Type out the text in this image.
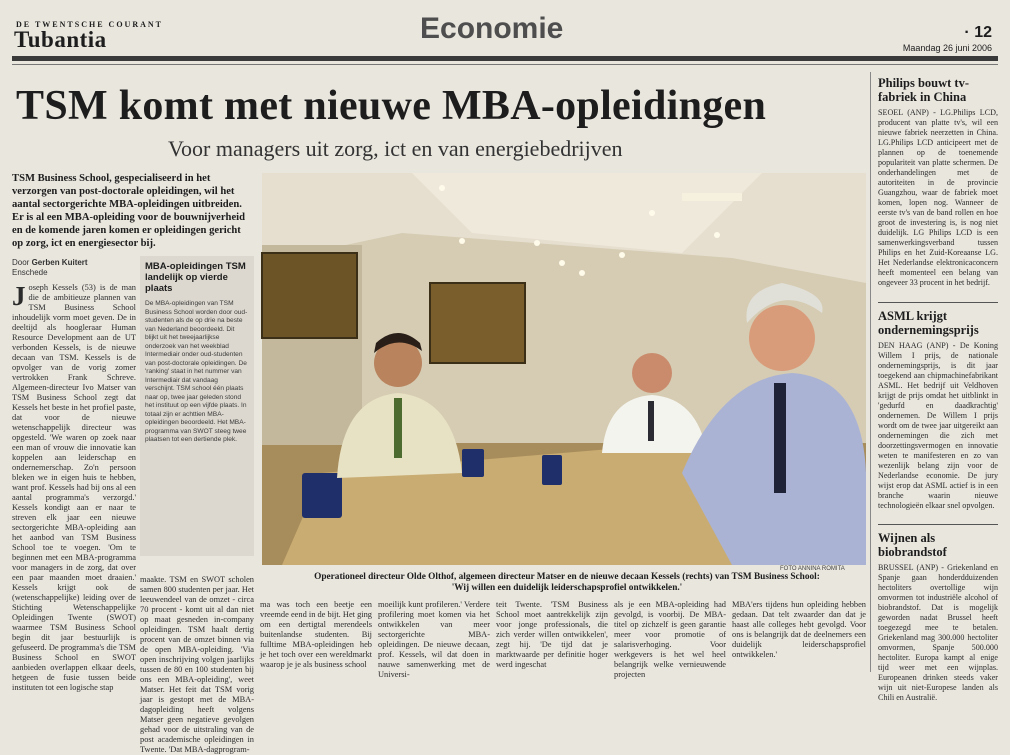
DE TWENTSCHE COURANT
Tubantia	Economie	· 12
Maandag 26 juni 2006
TSM komt met nieuwe MBA-opleidingen
Voor managers uit zorg, ict en van energiebedrijven

TSM Business School, gespecialiseerd in het verzorgen van post-doctorale opleidingen, wil het aantal sectorgerichte MBA-opleidingen uitbreiden. Er is al een MBA-opleiding voor de bouwnijverheid en de komende jaren komen er opleidingen gericht op zorg, ict en energiesector bij.

Door Gerben Kuitert
Enschede
Joseph Kessels (53) is de man die de ambitieuze plannen van TSM Business School inhoudelijk vorm moet geven. De in deeltijd als hoogleraar Human Resource Development aan de UT verbonden Kessels, is de nieuwe decaan van TSM. Kessels is de opvolger van de vorig zomer vertrokken Frank Schreve. Algemeen-directeur Ivo Matser van TSM Business School zegt dat Kessels het beste in het profiel paste, dat voor de nieuwe wetenschappelijk directeur was opgesteld. 'We waren op zoek naar een man of vrouw die innovatie kan koppelen aan leiderschap en ondernemerschap. Zo'n persoon bleken we in eigen huis te hebben, want prof. Kessels had bij ons al een aantal programma's verzorgd.' Kessels kondigt aan er naar te streven elk jaar een nieuwe sectorgerichte MBA-opleiding aan het aanbod van TSM Business School toe te voegen. 'Om te beginnen met een MBA-programma voor managers in de zorg, dat over een paar maanden moet draaien.' Kessels krijgt ook de (wetenschappelijke) leiding over de Stichting Wetenschappelijke Opleidingen Twente (SWOT) waarmee TSM Business School begin dit jaar bestuurlijk is gefuseerd. De programma's die TSM Business School en SWOT aanbieden overlappen elkaar deels, hetgeen de fusie tussen beide instituten tot een logische stap
MBA-opleidingen TSM landelijk op vierde plaats
De MBA-opleidingen van TSM Business School worden door oud-studenten als de op drie na beste van Nederland beoordeeld. Dit blijkt uit het tweejaarlijkse onderzoek van het weekblad Intermediair onder oud-studenten van post-doctorale opleidingen. De 'ranking' staat in het nummer van Intermediair dat vandaag verschijnt. TSM school één plaats naar op, twee jaar geleden stond het instituut op een vijfde plaats. In totaal zijn er achttien MBA-opleidingen beoordeeld. Het MBA-programma van SWOT steeg twee plaatsen tot een dertiende plek.
FOTO ANNINA ROMITA
Operationeel directeur Olde Olthof, algemeen directeur Matser en de nieuwe decaan Kessels (rechts) van TSM Business School:
'Wij willen een duidelijk leiderschapsprofiel ontwikkelen.'
maakte. TSM en SWOT scholen samen 800 studenten per jaar. Het leeuwendeel van de omzet - circa 70 procent - komt uit al dan niet op maat gesneden in-company opleidingen. TSM haalt dertig procent van de omzet binnen via de open MBA-opleiding. 'Via open inschrijving volgen jaarlijks tussen de 80 en 100 studenten bij ons een MBA-opleiding', weet Matser. Het feit dat TSM vorig jaar is gestopt met de MBA-dagopleiding heeft volgens Matser geen negatieve gevolgen gehad voor de uitstraling van de post academische opleidingen in Twente. 'Dat MBA-dagprogram-
ma was toch een beetje een vreemde eend in de bijt. Het ging om een dertigtal merendeels buitenlandse studenten. Bij fulltime MBA-opleidingen heb je het toch over een wereldmarkt waarop je je als business school
moeilijk kunt profileren.' Verdere profilering moet komen via het ontwikkelen van meer sectorgerichte MBA-opleidingen. De nieuwe decaan, prof. Kessels, wil dat doen in nauwe samenwerking met de Universi-
teit Twente. 'TSM Business School moet aantrekkelijk zijn voor jonge professionals, die zich verder willen ontwikkelen', zegt hij. 'De tijd dat je marktwaarde per definitie hoger werd ingeschat
als je een MBA-opleiding had gevolgd, is voorbij. De MBA-titel op zichzelf is geen garantie meer voor promotie of salarisverhoging. Voor werkgevers is het wel heel belangrijk welke vernieuwende projecten
MBA'ers tijdens hun opleiding hebben gedaan. Dat telt zwaarder dan dat je haast alle colleges hebt gevolgd. Voor ons is belangrijk dat de deelnemers een duidelijk leiderschapsprofiel ontwikkelen.'
Philips bouwt tv-fabriek in China
SEOEL (ANP) - LG.Philips LCD, producent van platte tv's, wil een nieuwe fabriek neerzetten in China. LG.Philips LCD anticipeert met de plannen op de toenemende populariteit van platte schermen. De onderhandelingen met de autoriteiten in de provincie Guangzhou, waar de fabriek moet komen, lopen nog. Wanneer de eerste tv's van de band rollen en hoe groot de investering is, is nog niet duidelijk. LG Philips LCD is een samenwerkingsverband tussen Philips en het Zuid-Koreaanse LG. Het Nederlandse elektronicaconcern heeft momenteel een belang van ongeveer 33 procent in het bedrijf.
ASML krijgt ondernemingsprijs
DEN HAAG (ANP) - De Koning Willem I prijs, de nationale ondernemingsprijs, is dit jaar toegekend aan chipmachinefabrikant ASML. Het bedrijf uit Veldhoven krijgt de prijs omdat het uitblinkt in 'gedurfd en daadkrachtig' ondernemen. De Willem I prijs wordt om de twee jaar uitgereikt aan ondernemingen die zich met doorzettingsvermogen en innovatie weten te manifesteren en zo van wezenlijk belang zijn voor de Nederlandse economie. De jury wijst erop dat ASML actief is in een branche waarin nieuwe technologieën elkaar snel opvolgen.
Wijnen als biobrandstof
BRUSSEL (ANP) - Griekenland en Spanje gaan honderdduizenden hectoliters overtollige wijn omvormen tot industriële alcohol of biobrandstof. Dat is mogelijk geworden nadat Brussel heeft toegezegd mee te betalen. Griekenland mag 300.000 hectoliter omvormen, Spanje 500.000 hectoliter. Europa kampt al enige tijd weer met een wijnplas. Europeanen drinken steeds vaker wijn uit niet-Europese landen als Chili en Australië.
